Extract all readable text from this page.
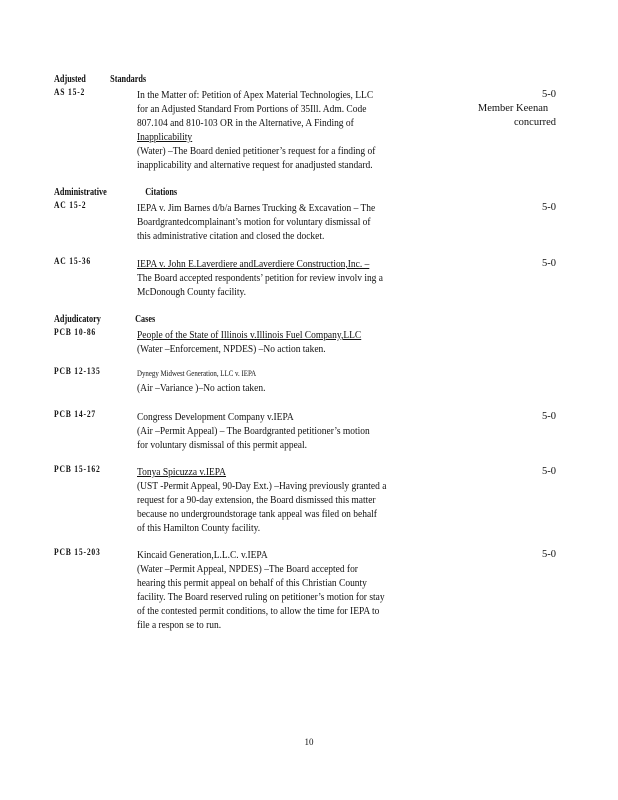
Adjusted Standards
Administrative	Citations
Adjudicatory	Cases
AS 15-2	In the Matter of: Petition of Apex Material Technologies, LLC
for an Adjusted Standard From Portions of 35Ill. Adm. Code
807.104 and 810-103 OR in the Alternative, A Finding of
Inapplicability
(Water) –The Board denied petitioner’s request for a finding of
inapplicability and alternative request for anadjusted standard.
5-0
Member Keenan
concurred
AC 15-2	IEPA v. Jim Barnes d/b/a Barnes Trucking & Excavation – The
Boardgrantedcomplainant’s motion for voluntary dismissal of
this administrative citation and closed the docket.
5-0
AC 15-36	IEPA v. John E.Laverdiere andLaverdiere Construction,Inc. –
The Board accepted respondents’ petition for review involv ing a
McDonough County facility.
5-0
PCB 10-86	People of the State of Illinois v.Illinois Fuel Company,LLC
(Water –Enforcement, NPDES) –No action taken.
PCB 12-135	Dynegy Midwest Generation, LLC v. IEPA
(Air –Variance )–No action taken.
PCB 14-27	Congress Development Company v.IEPA
(Air –Permit Appeal) – The Boardgranted petitioner’s motion
for voluntary dismissal of this permit appeal.
5-0
PCB 15-162	Tonya Spicuzza v.IEPA
(UST -Permit Appeal, 90-Day Ext.) –Having previously granted a
request for a 90-day extension, the Board dismissed this matter
because no undergroundstorage tank appeal was filed on behalf
of this Hamilton County facility.
5-0
PCB 15-203	Kincaid Generation,L.L.C. v.IEPA
(Water –Permit Appeal, NPDES) –The Board accepted for
hearing this permit appeal on behalf of this Christian County
facility. The Board reserved ruling on petitioner’s motion for stay
of the contested permit conditions, to allow the time for IEPA to
file a respon se to run.
5-0
10
